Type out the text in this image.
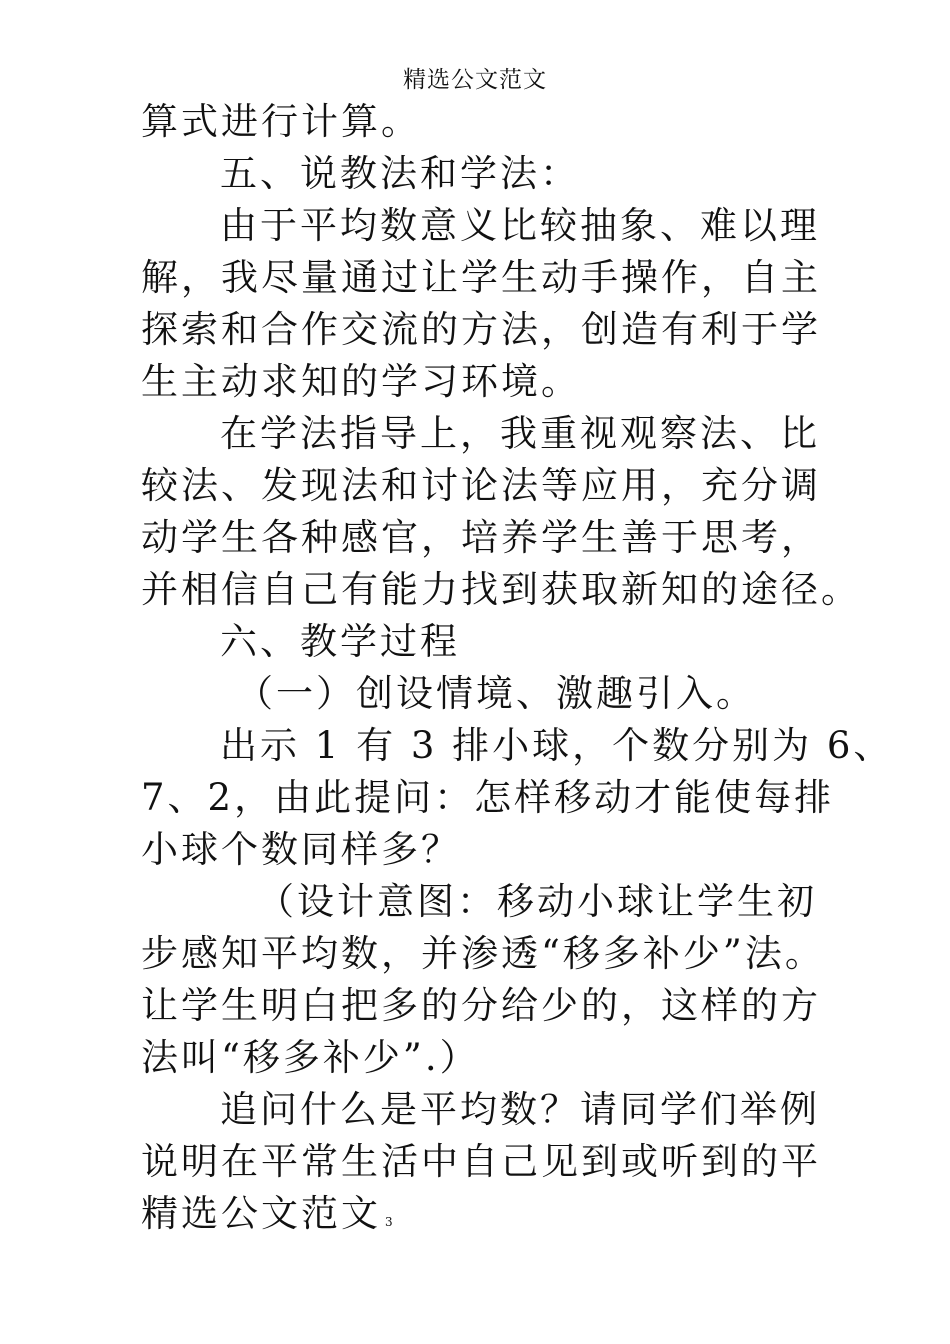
精选公文范文
算式进行计算。
五、说教法和学法：
由于平均数意义比较抽象、难以理
解，我尽量通过让学生动手操作，自主
探索和合作交流的方法，创造有利于学
生主动求知的学习环境。
在学法指导上，我重视观察法、比
较法、发现法和讨论法等应用，充分调
动学生各种感官，培养学生善于思考，
并相信自己有能力找到获取新知的途径。
六、教学过程
（一）创设情境、激趣引入。
出示 1 有 3 排小球，个数分别为 6、
7、2，由此提问：怎样移动才能使每排
小球个数同样多？
（设计意图：移动小球让学生初
步感知平均数，并渗透“移多补少”法。
让学生明白把多的分给少的，这样的方
法叫“移多补少”.）
追问什么是平均数？请同学们举例
说明在平常生活中自己见到或听到的平
精选公文范文 3
